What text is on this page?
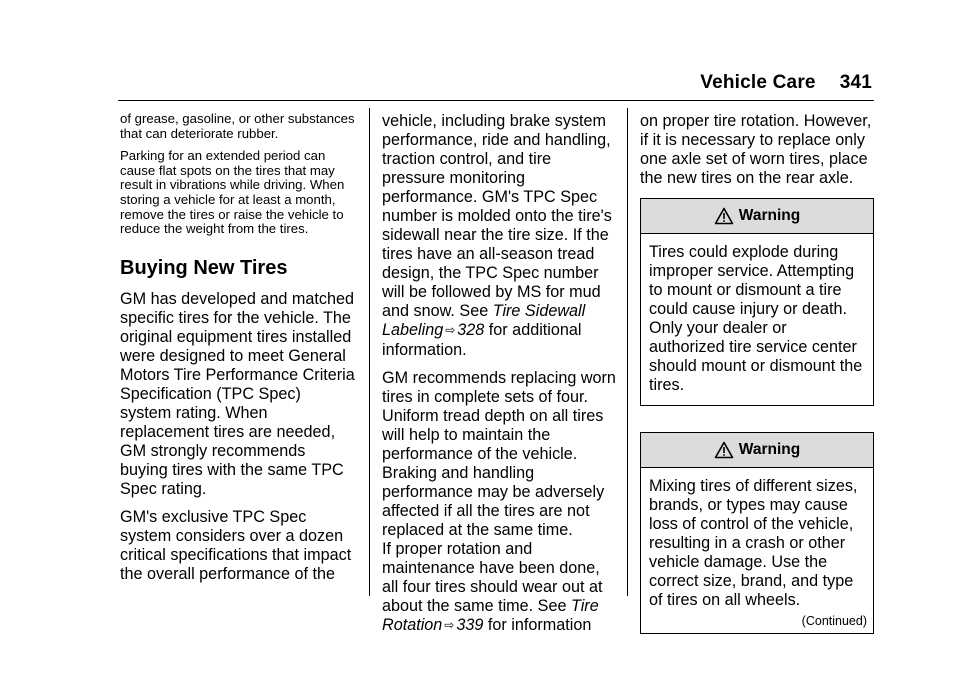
Vehicle Care 341

of grease, gasoline, or other substances that can deteriorate rubber.

Parking for an extended period can cause flat spots on the tires that may result in vibrations while driving. When storing a vehicle for at least a month, remove the tires or raise the vehicle to reduce the weight from the tires.

Buying New Tires

GM has developed and matched specific tires for the vehicle. The original equipment tires installed were designed to meet General Motors Tire Performance Criteria Specification (TPC Spec) system rating. When replacement tires are needed, GM strongly recommends buying tires with the same TPC Spec rating.

GM's exclusive TPC Spec system considers over a dozen critical specifications that impact the overall performance of the

vehicle, including brake system performance, ride and handling, traction control, and tire pressure monitoring performance. GM's TPC Spec number is molded onto the tire's sidewall near the tire size. If the tires have an all-season tread design, the TPC Spec number will be followed by MS for mud and snow. See Tire Sidewall Labeling ⇨ 328 for additional information.

GM recommends replacing worn tires in complete sets of four. Uniform tread depth on all tires will help to maintain the performance of the vehicle. Braking and handling performance may be adversely affected if all the tires are not replaced at the same time.

If proper rotation and maintenance have been done, all four tires should wear out at about the same time. See Tire Rotation ⇨ 339 for information

on proper tire rotation. However, if it is necessary to replace only one axle set of worn tires, place the new tires on the rear axle.

Warning
Tires could explode during improper service. Attempting to mount or dismount a tire could cause injury or death. Only your dealer or authorized tire service center should mount or dismount the tires.
Warning
Mixing tires of different sizes, brands, or types may cause loss of control of the vehicle, resulting in a crash or other vehicle damage. Use the correct size, brand, and type of tires on all wheels.
(Continued)
